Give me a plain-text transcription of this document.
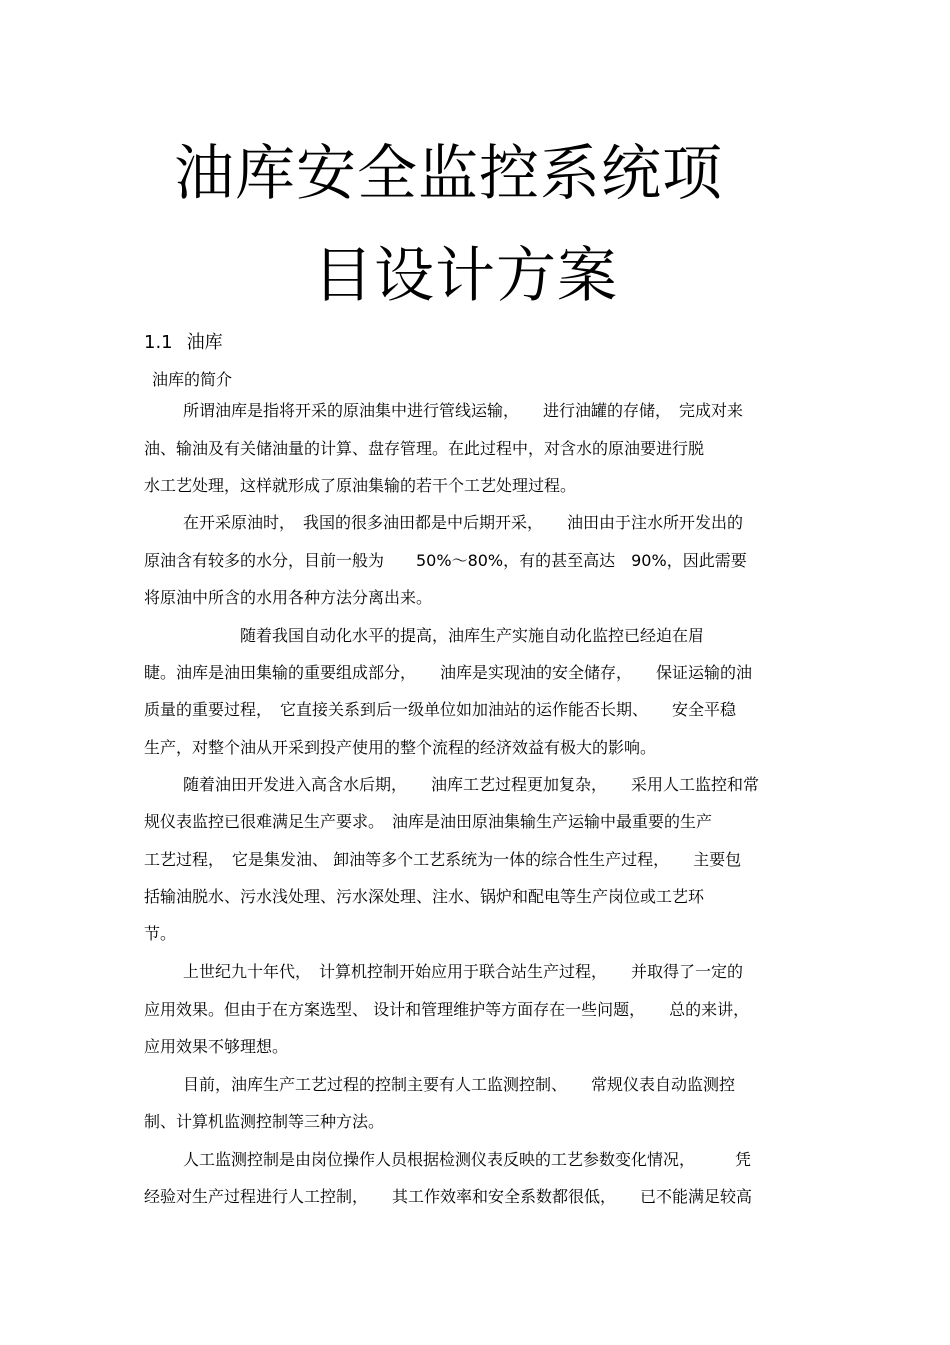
油库安全监控系统项
目设计方案
1.1 油库
油库的简介
所谓油库是指将开采的原油集中进行管线运输，　　进行油罐的存储，　完成对来
油、输油及有关储油量的计算、盘存管理。在此过程中，对含水的原油要进行脱
水工艺处理，这样就形成了原油集输的若干个工艺处理过程。
在开采原油时，　我国的很多油田都是中后期开采，　　油田由于注水所开发出的
原油含有较多的水分，目前一般为　　50%～80%，有的甚至高达　90%，因此需要
将原油中所含的水用各种方法分离出来。
随着我国自动化水平的提高，油库生产实施自动化监控已经迫在眉
睫。油库是油田集输的重要组成部分，　　油库是实现油的安全储存，　　保证运输的油
质量的重要过程，　它直接关系到后一级单位如加油站的运作能否长期、　　安全平稳
生产，对整个油从开采到投产使用的整个流程的经济效益有极大的影响。
随着油田开发进入高含水后期，　　油库工艺过程更加复杂，　　采用人工监控和常
规仪表监控已很难满足生产要求。　油库是油田原油集输生产运输中最重要的生产
工艺过程，　它是集发油、 卸油等多个工艺系统为一体的综合性生产过程，　　主要包
括输油脱水、污水浅处理、污水深处理、注水、锅炉和配电等生产岗位或工艺环
节。
上世纪九十年代，　计算机控制开始应用于联合站生产过程，　　并取得了一定的
应用效果。但由于在方案选型、 设计和管理维护等方面存在一些问题，　　总的来讲，
应用效果不够理想。
目前，油库生产工艺过程的控制主要有人工监测控制、　　常规仪表自动监测控
制、计算机监测控制等三种方法。
人工监测控制是由岗位操作人员根据检测仪表反映的工艺参数变化情况，　　　凭
经验对生产过程进行人工控制，　　其工作效率和安全系数都很低，　　已不能满足较高
